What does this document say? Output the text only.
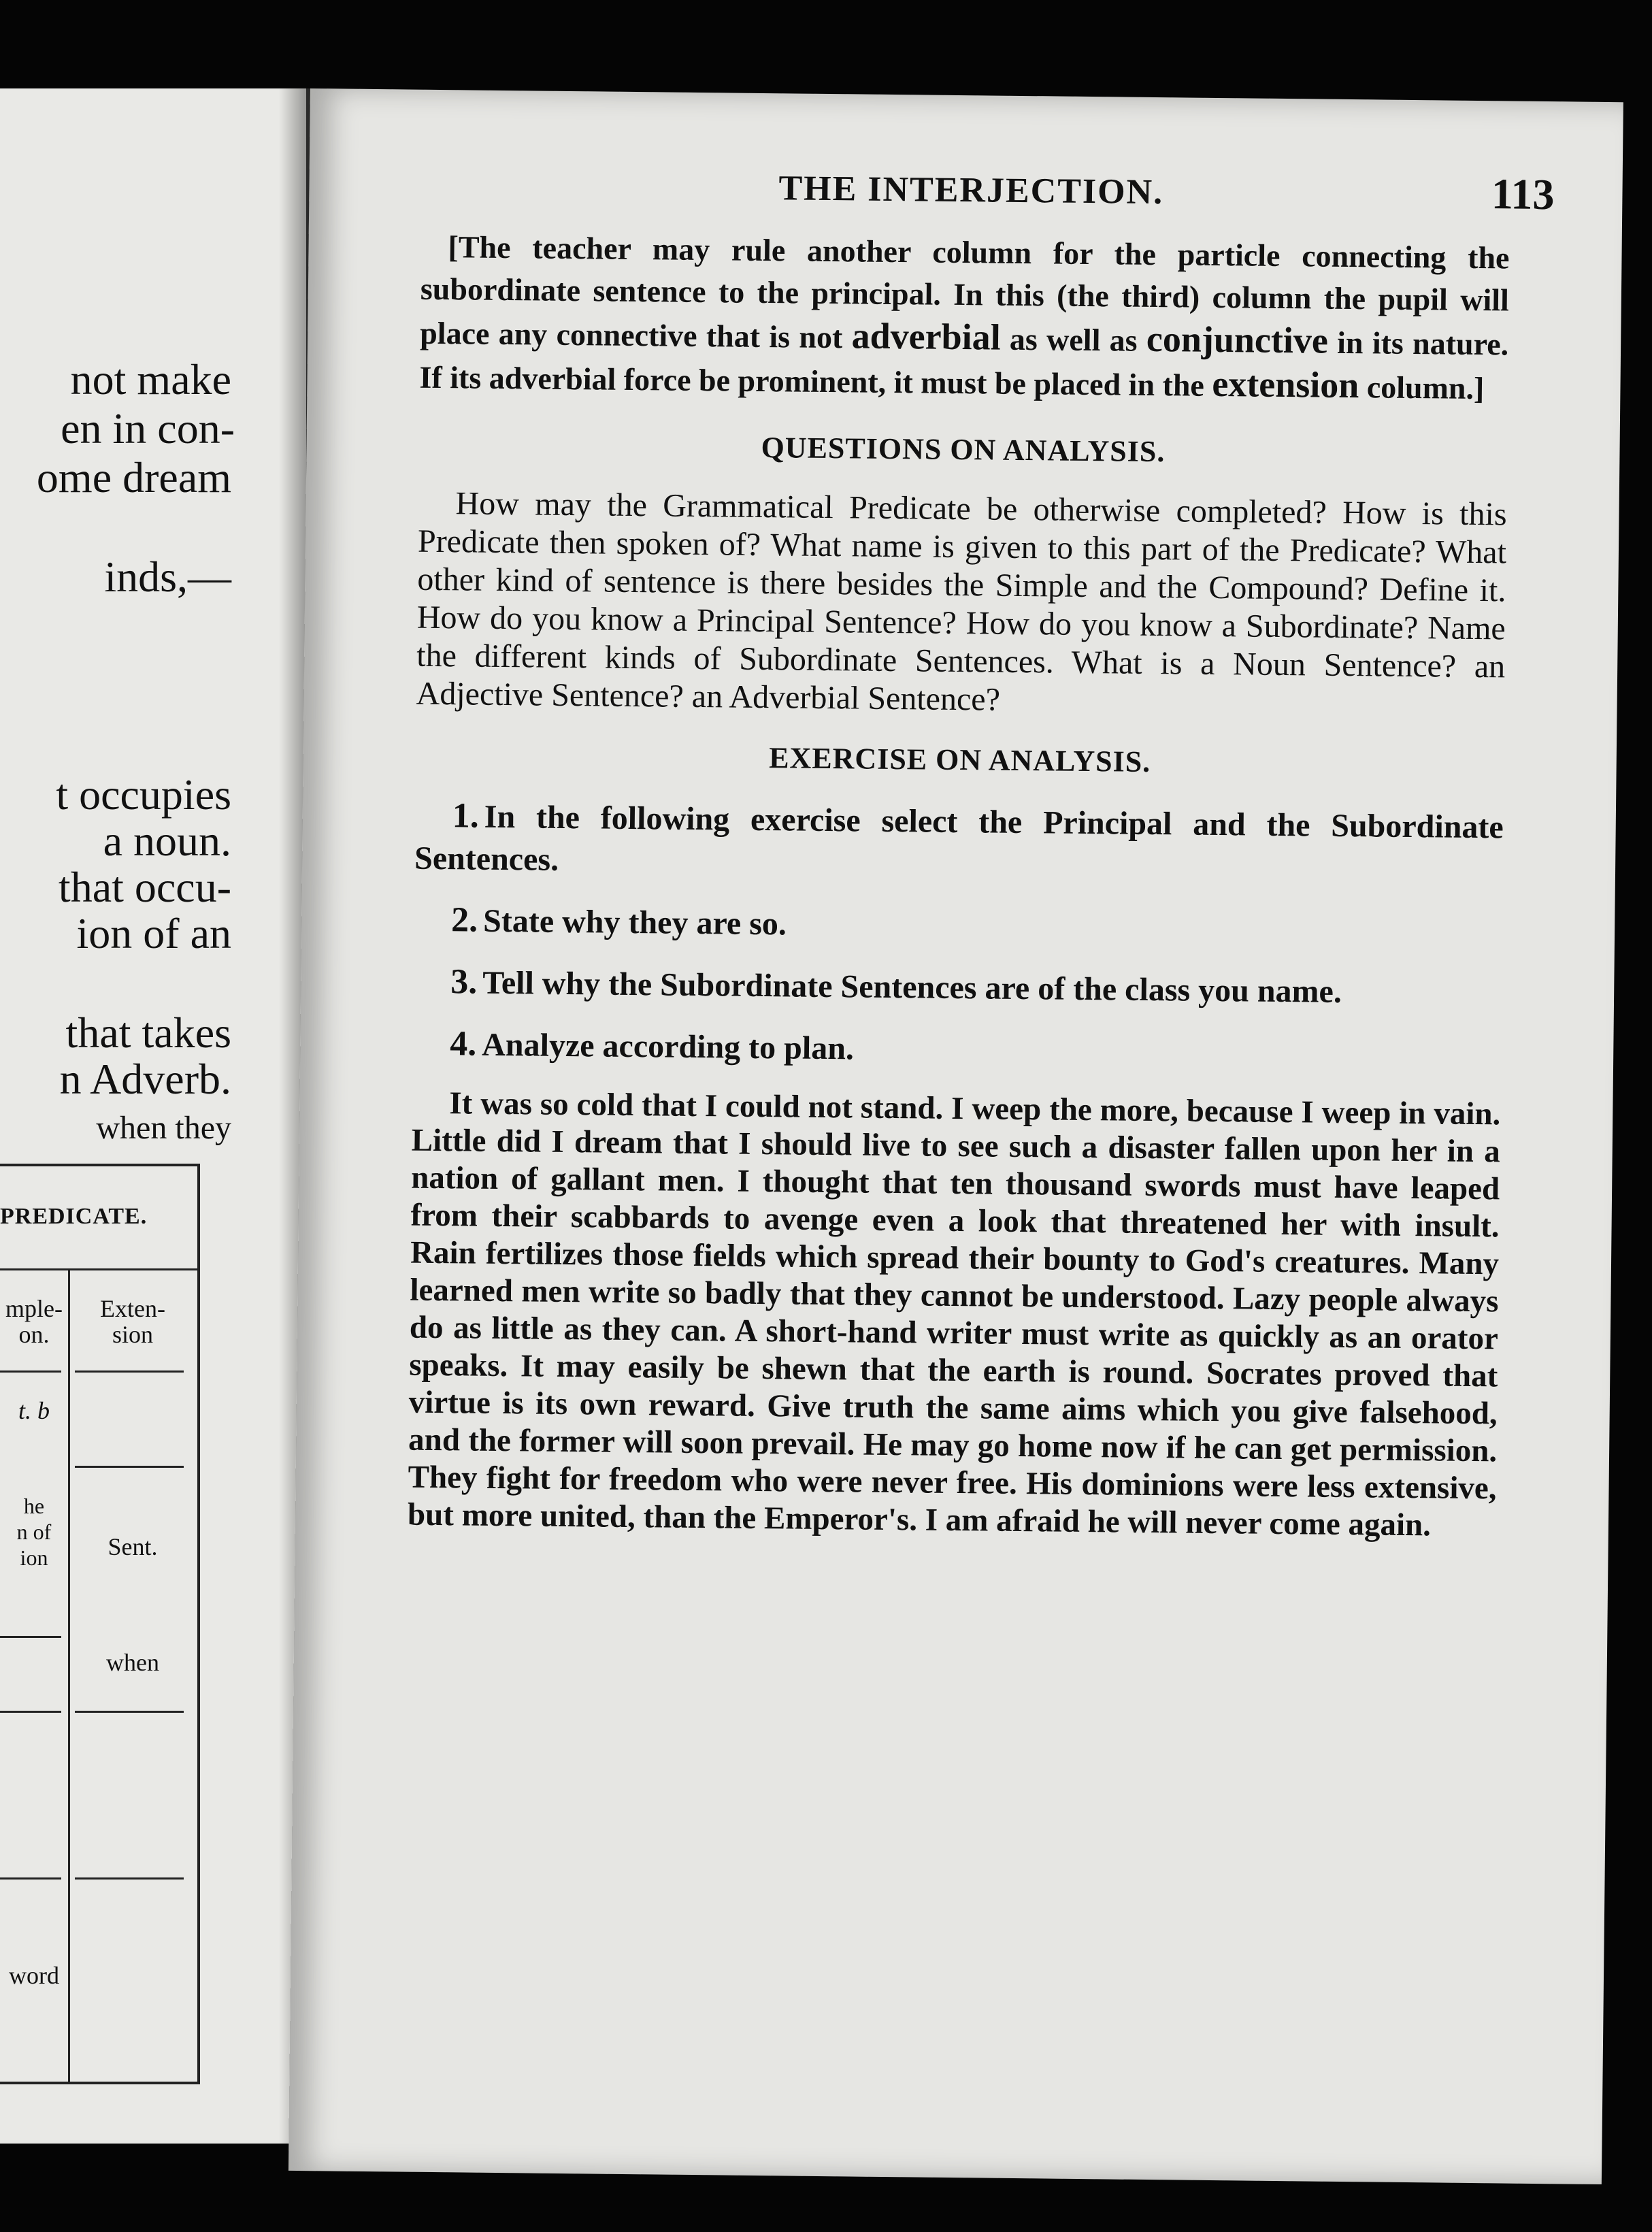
not make
en in con-
ome dream
inds,—
t occupies
a noun.
that occu-
ion of an
that takes
n Adverb.
when they
PREDICATE.
mple-
on.
Exten-
sion
t. b
he
n of
ion	Sent.
when
word
THE INTERJECTION.	113

[The teacher may rule another column for the particle connecting the subordinate sentence to the principal. In this (the third) column the pupil will place any connective that is not adverbial as well as conjunctive in its nature. If its adverbial force be prominent, it must be placed in the extension column.]

QUESTIONS ON ANALYSIS.

How may the Grammatical Predicate be otherwise completed? How is this Predicate then spoken of? What name is given to this part of the Predicate? What other kind of sentence is there besides the Simple and the Compound? Define it. How do you know a Principal Sentence? How do you know a Subordinate? Name the different kinds of Subordinate Sentences. What is a Noun Sentence? an Adjective Sentence? an Adverbial Sentence?

EXERCISE ON ANALYSIS.

1. In the following exercise select the Principal and the Subordinate Sentences.

2. State why they are so.

3. Tell why the Subordinate Sentences are of the class you name.

4. Analyze according to plan.

It was so cold that I could not stand. I weep the more, because I weep in vain. Little did I dream that I should live to see such a disaster fallen upon her in a nation of gallant men. I thought that ten thousand swords must have leaped from their scabbards to avenge even a look that threatened her with insult. Rain fertilizes those fields which spread their bounty to God's creatures. Many learned men write so badly that they cannot be understood. Lazy people always do as little as they can. A short-hand writer must write as quickly as an orator speaks. It may easily be shewn that the earth is round. Socrates proved that virtue is its own reward. Give truth the same aims which you give falsehood, and the former will soon prevail. He may go home now if he can get permission. They fight for freedom who were never free. His dominions were less extensive, but more united, than the Emperor's. I am afraid he will never come again.
